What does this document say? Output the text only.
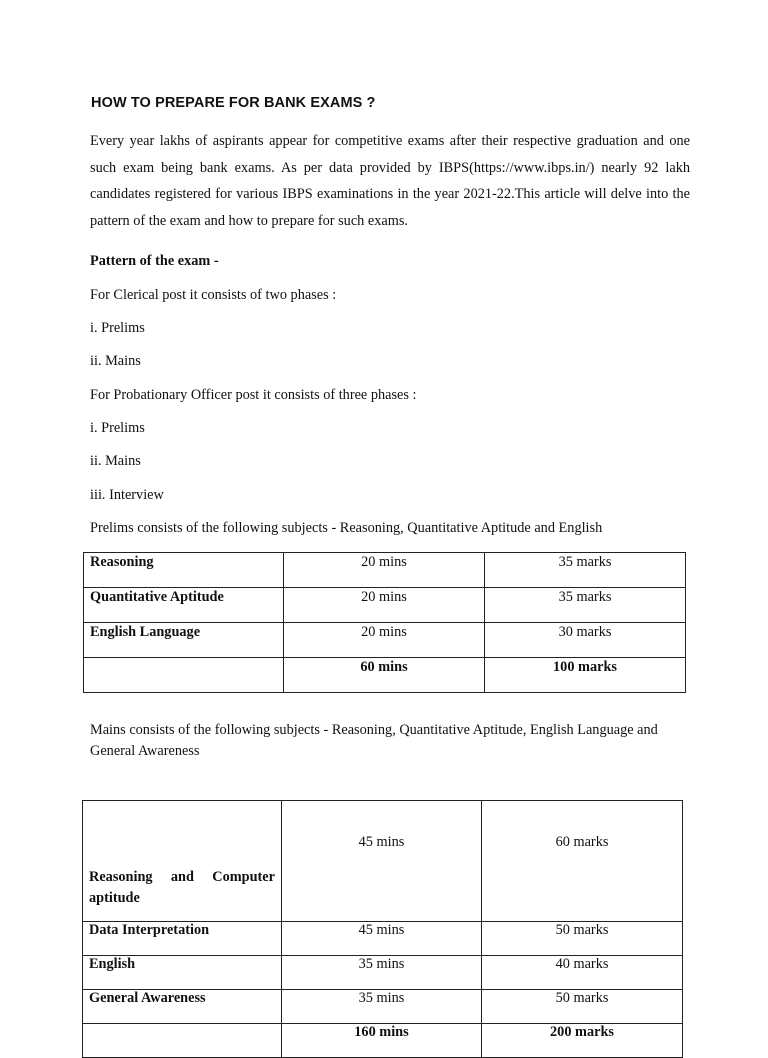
HOW TO PREPARE FOR BANK EXAMS ?

Every year lakhs of aspirants appear for competitive exams after their respective graduation and one such exam being bank exams. As per data provided by IBPS(https://www.ibps.in/) nearly 92 lakh candidates registered for various IBPS examinations in the year 2021-22.This article will delve into the pattern of the exam and how to prepare for such exams.

Pattern of the exam -

For Clerical post it consists of two phases :

i. Prelims

ii. Mains

For Probationary Officer post it consists of three phases :

i. Prelims

ii. Mains

iii. Interview

Prelims consists of the following subjects - Reasoning, Quantitative Aptitude and English

Reasoning	20 mins	35 marks
Quantitative Aptitude	20 mins	35 marks
English Language	20 mins	30 marks
	60 mins	100 marks

Mains consists of the following subjects - Reasoning, Quantitative Aptitude, English Language and General Awareness

Reasoning and Computer
aptitude	45 mins	60 marks
Data Interpretation	45 mins	50 marks
English	35 mins	40 marks
General Awareness	35 mins	50 marks
	160 mins	200 marks
